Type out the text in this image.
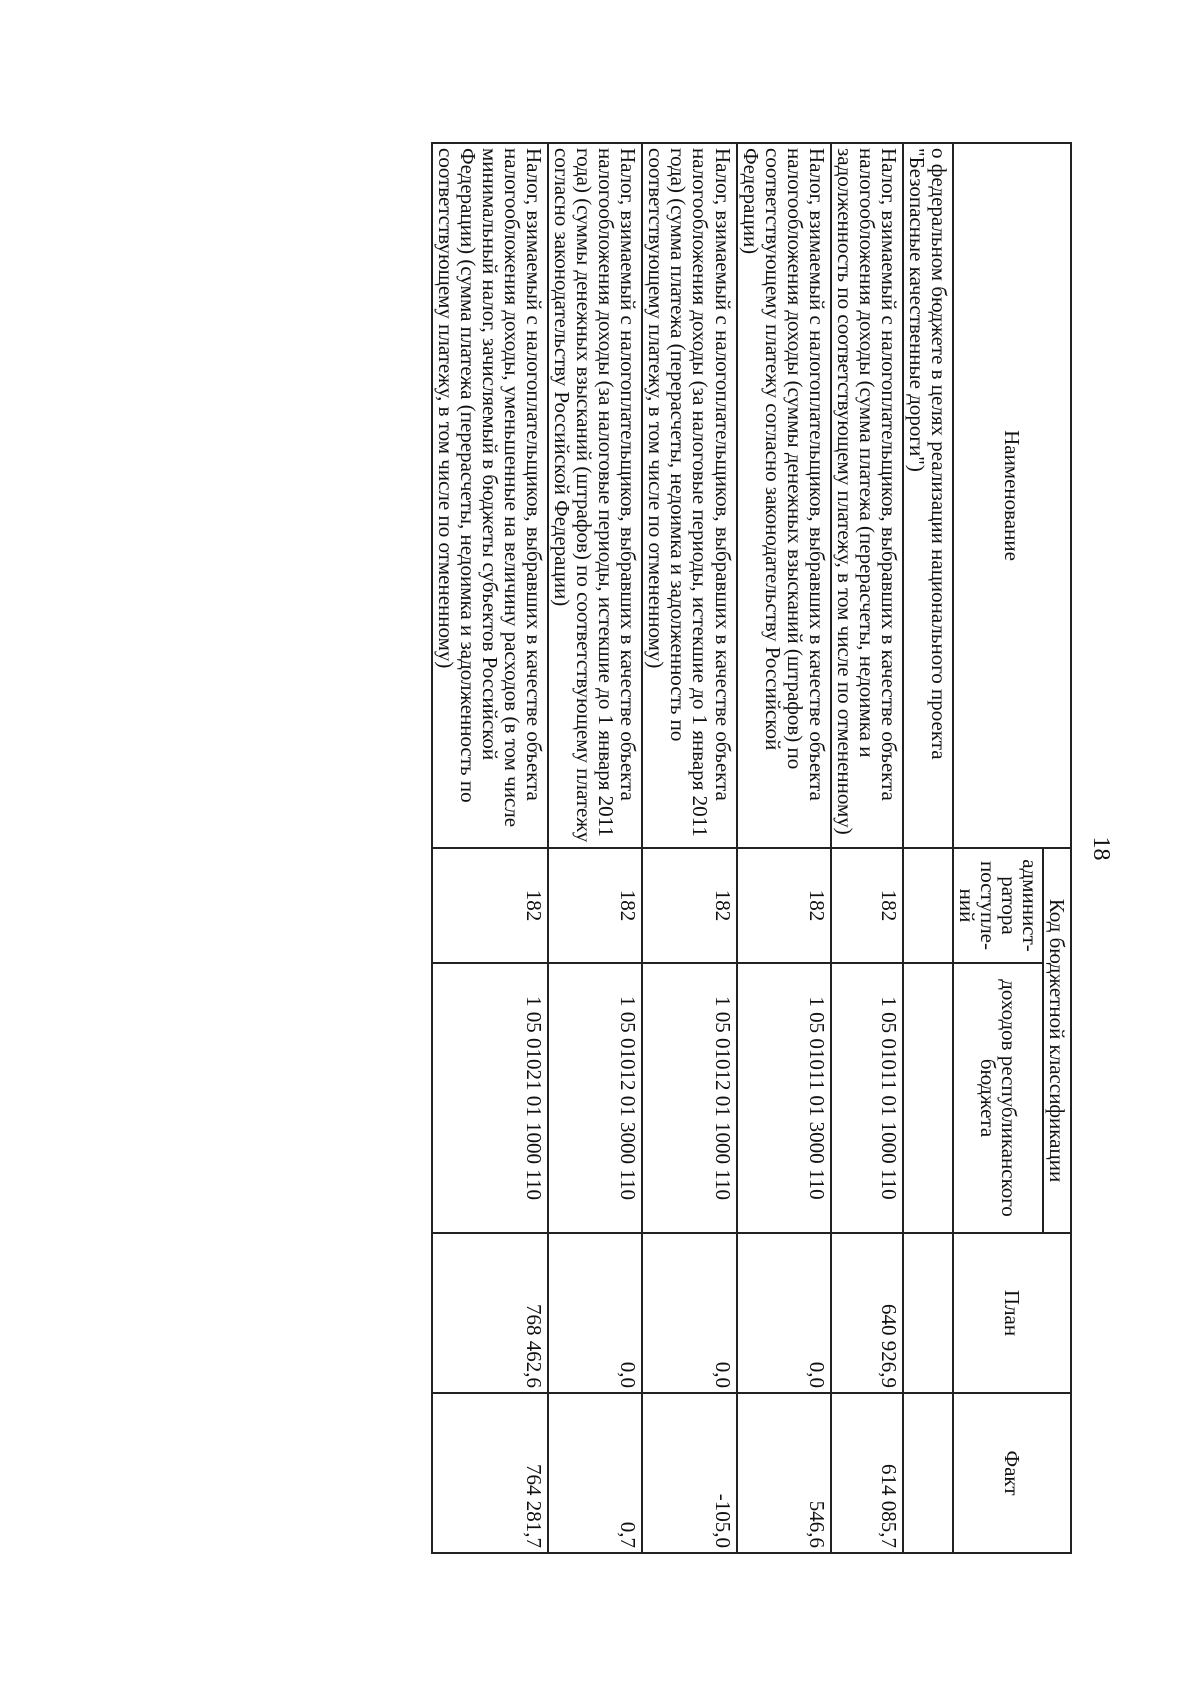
18
Наименование	Код бюджетной классификации		План	Факт
	админист-ратора поступле-ний	доходов республиканского бюджета		
о федеральном бюджете в целях реализации национального проекта "Безопасные качественные дороги")				
Налог, взимаемый с налогоплательщиков, выбравших в качестве объекта налогообложения доходы (сумма платежа (перерасчеты, недоимка и задолженность по соответствующему платежу, в том числе по отмененному)	182	1 05 01011 01 1000 110	640 926,9	614 085,7
Налог, взимаемый с налогоплательщиков, выбравших в качестве объекта налогообложения доходы (суммы денежных взысканий (штрафов) по соответствующему платежу согласно законодательству Российской Федерации)	182	1 05 01011 01 3000 110	0,0	546,6
Налог, взимаемый с налогоплательщиков, выбравших в качестве объекта налогообложения доходы (за налоговые периоды, истекшие до 1 января 2011 года) (сумма платежа (перерасчеты, недоимка и задолженность по соответствующему платежу, в том числе по отмененному)	182	1 05 01012 01 1000 110	0,0	-105,0
Налог, взимаемый с налогоплательщиков, выбравших в качестве объекта налогообложения доходы (за налоговые периоды, истекшие до 1 января 2011 года) (суммы денежных взысканий (штрафов) по соответствующему платежу согласно законодательству Российской Федерации)	182	1 05 01012 01 3000 110	0,0	0,7
Налог, взимаемый с налогоплательщиков, выбравших в качестве объекта налогообложения доходы, уменьшенные на величину расходов (в том числе минимальный налог, зачисляемый в бюджеты субъектов Российской Федерации) (сумма платежа (перерасчеты, недоимка и задолженность по соответствующему платежу, в том числе по отмененному)	182	1 05 01021 01 1000 110	768 462,6	764 281,7
